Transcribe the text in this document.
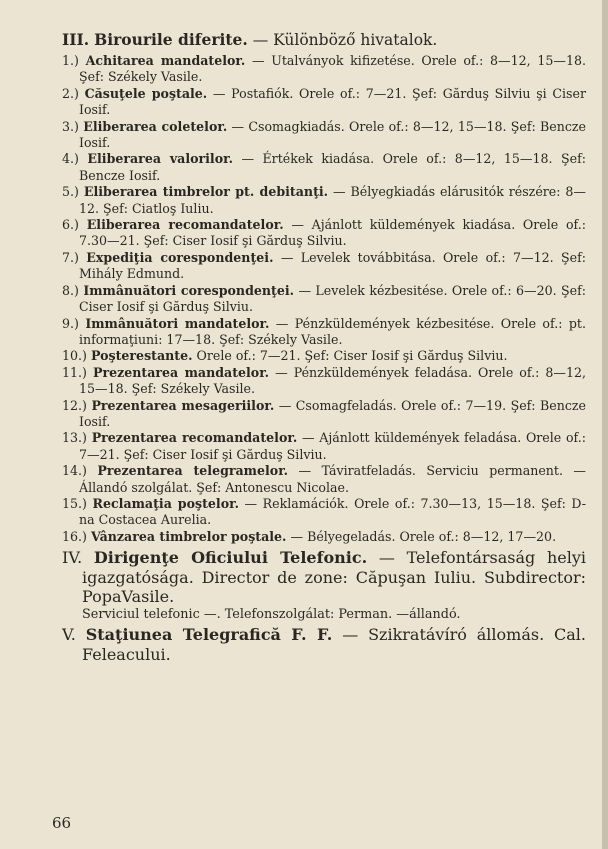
III. Birourile diferite. — Különböző hivatalok.

1.) Achitarea mandatelor. — Utalványok kifizetése. Orele of.: 8—12, 15—18. Şef: Székely Vasile.

2.) Căsuţele poştale. — Postafiók. Orele of.: 7—21. Şef: Gărduş Silviu şi Ciser Iosif.

3.) Eliberarea coletelor. — Csomagkiadás. Orele of.: 8—12, 15—18. Şef: Bencze Iosif.

4.) Eliberarea valorilor. — Értékek kiadása. Orele of.: 8—12, 15—18. Şef: Bencze Iosif.

5.) Eliberarea timbrelor pt. debitanţi. — Bélyegkiadás elárusitók részére: 8—12. Şef: Ciatloş Iuliu.

6.) Eliberarea recomandatelor. — Ajánlott küldemények kiadása. Orele of.: 7.30—21. Şef: Ciser Iosif şi Gărduş Silviu.

7.) Expediţia corespondenţei. — Levelek továbbitása. Orele of.: 7—12. Şef: Mihály Edmund.

8.) Immânuători corespondenţei. — Levelek kézbesitése. Orele of.: 6—20. Şef: Ciser Iosif şi Gărduş Silviu.

9.) Immânuători mandatelor. — Pénzküldemények kézbesitése. Orele of.: pt. informaţiuni: 17—18. Şef: Székely Vasile.

10.) Poşterestante. Orele of.: 7—21. Şef: Ciser Iosif şi Gărduş Silviu.

11.) Prezentarea mandatelor. — Pénzküldemények feladása. Orele of.: 8—12, 15—18. Şef: Székely Vasile.

12.) Prezentarea mesageriilor. — Csomagfeladás. Orele of.: 7—19. Şef: Bencze Iosif.

13.) Prezentarea recomandatelor. — Ajánlott küldemények feladása. Orele of.: 7—21. Şef: Ciser Iosif şi Gărduş Silviu.

14.) Prezentarea telegramelor. — Táviratfeladás. Serviciu permanent. — Állandó szolgálat. Şef: Antonescu Nicolae.

15.) Reclamaţia poştelor. — Reklamációk. Orele of.: 7.30—13, 15—18. Şef: D-na Costacea Aurelia.

16.) Vânzarea timbrelor poştale. — Bélyegeladás. Orele of.: 8—12, 17—20.

IV. Dirigenţe Oficiului Telefonic. — Telefontársaság helyi igazgatósága. Director de zone: Căpuşan Iuliu. Subdirector: PopaVasile.

Serviciul telefonic —. Telefonszolgálat: Perman. —állandó.

V. Staţiunea Telegrafică F. F. — Szikratávíró állomás. Cal. Feleacului.

66
